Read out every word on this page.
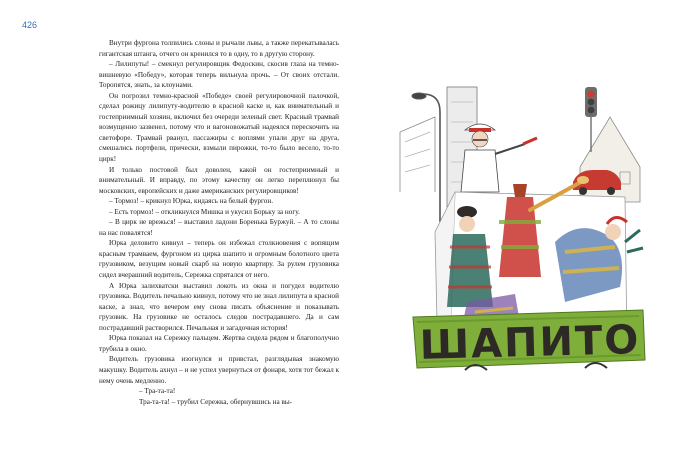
426

Внутри фургона толпились слоны и рычали львы, а также перекатывалась гигантская штанга, отчего он кренился то в одну, то в другую сторону.

– Лилипуты! – смекнул регулировщик Федоскин, скосив глаза на темно-вишневую «Победу», которая теперь вильнула прочь. – От своих отстали. Торопятся, знать, за клоунами.

Он погрозил темно-красной «Победе» своей регулировочной палочкой, сделал рожицу лилипуту-водителю в красной каске и, как внимательный и гостеприимный хозяин, включил без очереди зеленый свет. Красный трамвай возмущенно зазвенел, потому что и вагоновожатый надеялся перескочить на светофоре. Трамвай рванул, пассажиры с воплями упали друг на друга, смешались портфели, прически, взмыли пирожки, то-то было весело, то-то цирк!

И только постовой был доволен, какой он гостеприимный и внимательный. И вправду, по этому качеству он легко переплюнул бы московских, европейских и даже американских регулировщиков!

– Тормоз! – крикнул Юрка, кидаясь на белый фургон.

– Есть тормоз! – откликнулся Мишка и укусил Борьку за ногу.

– В цирк не врежься! – выставил ладони Боренька Буржуй. – А то слоны на нас повалятся!

Юрка деловито кивнул – теперь он избежал столкновения с вопящим красным трамваем, фургоном из цирка шапито и огромным болотного цвета грузовиком, везущим новый скарб на новую квартиру. За рулем грузовика сидел вчерашний водитель, Сережка спрятался от него.

А Юрка залихватски выставил локоть из окна и погудел водителю грузовика. Водитель печально кивнул, потому что не знал лилипута в красной каске, а знал, что вечером ему снова писать объяснение и показывать грузовик. На грузовике не осталось следов пострадавшего. Да и сам пострадавший растворился. Печальная и загадочная история!

Юрка показал на Сережку пальцем. Жертва сидела рядом и благополучно трубила в окно.

Водитель грузовика изогнулся и привстал, разглядывая знакомую макушку. Водитель ахнул – и не успел увернуться от фонаря, хотя тот бежал к нему очень медленно.

– Тра-та-та!

Тра-та-та! – трубил Сережка, обернувшись на вы-

ШАПИТО
